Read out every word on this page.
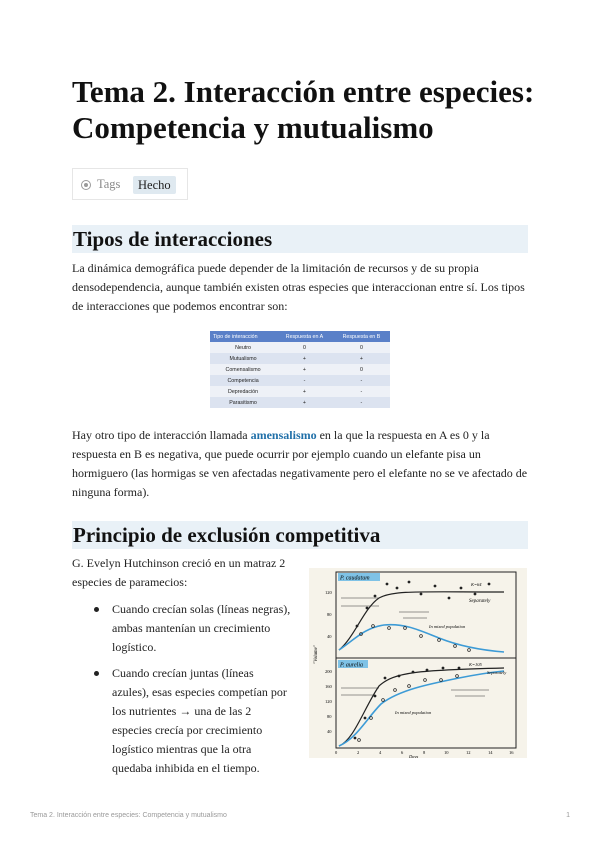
Tema 2. Interacción entre especies: Competencia y mutualismo
Tags	Hecho
Tipos de interacciones
La dinámica demográfica puede depender de la limitación de recursos y de su propia densodependencia, aunque también existen otras especies que interaccionan entre sí. Los tipos de interacciones que podemos encontrar son:
Tipo de interacción	Respuesta en A	Respuesta en B
Neutro	0	0
Mutualismo	+	+
Comensalismo	+	0
Competencia	-	-
Depredación	+	-
Parasitismo	+	-
Hay otro tipo de interacción llamada amensalismo en la que la respuesta en A es 0 y la respuesta en B es negativa, que puede ocurrir por ejemplo cuando un elefante pisa un hormiguero (las hormigas se ven afectadas negativamente pero el elefante no se ve afectado de ninguna forma).
Principio de exclusión competitiva
G. Evelyn Hutchinson creció en un matraz 2 especies de paramecios:
Cuando crecían solas (líneas negras), ambas mantenían un crecimiento logístico.
Cuando crecían juntas (líneas azules), esas especies competían por los nutrientes → una de las 2 especies crecía por crecimiento logístico mientras que la otra quedaba inhibida en el tiempo.
P. caudatum
P. aurelia
40
80
120
40
80
120
160
200
"Volume"
0	2	4	6	8	10	12	14	16
Days
K=64
Separately
In mixed population
K=105
Separately
In mixed population
Tema 2. Interacción entre especies: Competencia y mutualismo	1
